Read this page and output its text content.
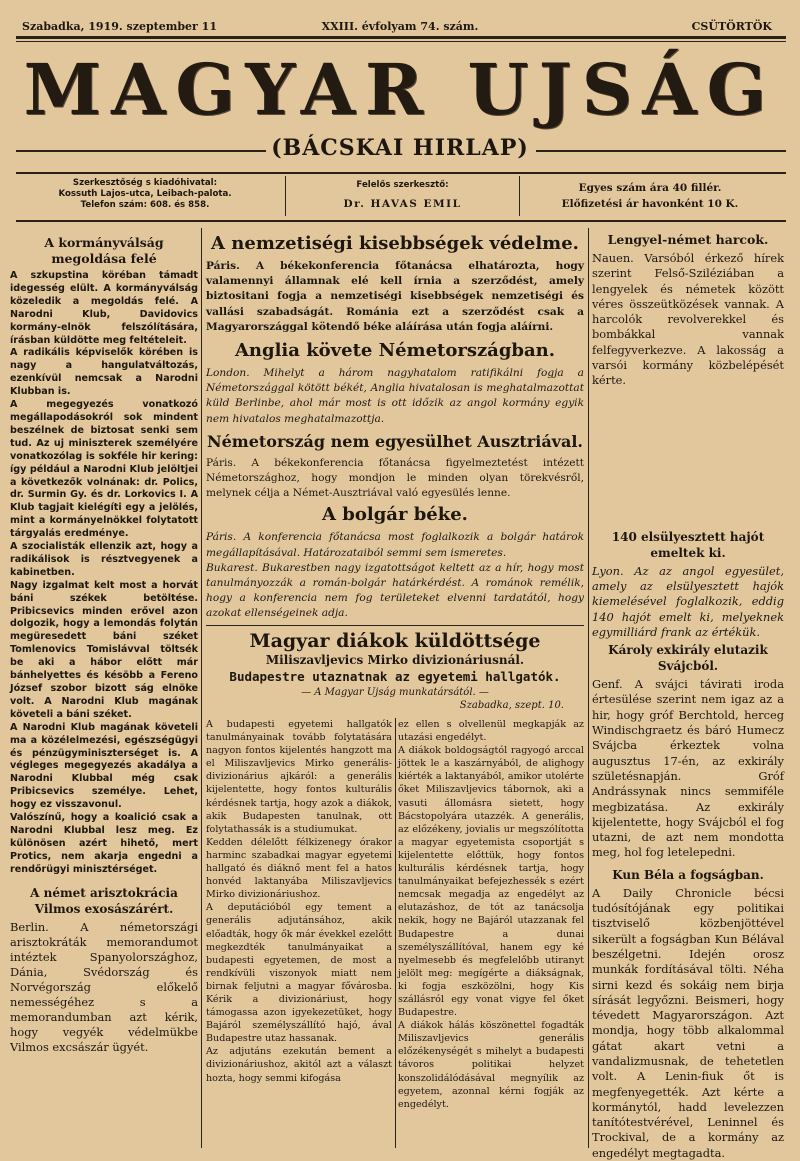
Szabadka, 1919. szeptember 11	XXIII. évfolyam 74. szám.	CSÜTÖRTÖK
MAGYAR UJSÁG
(BÁCSKAI HIRLAP)
Szerkesztőség s kiadóhivatal:
Kossuth Lajos-utca, Leibach-palota.
Telefon szám: 608. és 858.
Felelős szerkesztő:
Dr. HAVAS EMIL
Egyes szám ára 40 fillér.
Előfizetési ár havonként 10 K.
A kormányválság megoldása felé

A szkupstina köréban támadt idegesség elült. A kormányválság közeledik a megoldás felé. A Narodni Klub, Davidovics kormány-elnök felszólítására, írásban küldötte meg feltételeit.

A radikális képviselők körében is nagy a hangulatváltozás, ezenkívül nemcsak a Narodni Klubban is.

A megegyezés vonatkozó megállapodásokról sok mindent beszélnek de biztosat senki sem tud. Az uj miniszterek személyére vonatkozólag is sokféle hir kering: így például a Narodni Klub jelöltjei a következők volnának: dr. Polics, dr. Surmin Gy. és dr. Lorkovics I. A Klub tagjait kielégíti egy a jelölés, mint a kormányelnökkel folytatott tárgyalás eredménye.

A szocialisták ellenzik azt, hogy a radikálisok is résztvegyenek a kabinetben.

Nagy izgalmat kelt most a horvát báni székek betöltése. Pribicsevics minden erővel azon dolgozik, hogy a lemondás folytán megüresedett báni széket Tomlenovics Tomislávval töltsék be aki a hábor előtt már bánhelyettes és késöbb a Fereno József szobor bizott ság elnöke volt. A Narodni Klub magának követeli a báni széket.

A Narodni Klub magának követeli ma a közélelmezési, egészségügyi és pénzügyminiszterséget is. A végleges megegyezés akadálya a Narodni Klubbal még csak Pribicsevics személye. Lehet, hogy ez visszavonul.

Valószínű, hogy a koalició csak a Narodni Klubbal lesz meg. Ez különösen azért hihető, mert Protics, nem akarja engedni a rendőrügyi minisztérséget.

A német arisztokrácia Vilmos exosászárért.

Berlin. A németországi arisztokráták memorandumot intéztek Spanyolországhoz, Dánia, Svédország és Norvégország előkelő nemességéhez s a memorandumban azt kérik, hogy vegyék védelmükbe Vilmos excsászár ügyét.

A nemzetiségi kisebbségek védelme.

Páris. A békekonferencia főtanácsa elhatározta, hogy valamennyi államnak elé kell írnia a szerződést, amely biztositani fogja a nemzetiségi kisebbségek nemzetiségi és vallási szabadságát. Románia ezt a szerződést csak a Magyarországgal kötendő béke aláírása után fogja aláírni.

Anglia követe Németországban.

London. Mihelyt a három nagyhatalom ratifikálni fogja a Németországgal kötött békét, Anglia hivatalosan is meghatalmazottat küld Berlinbe, ahol már most is ott időzik az angol kormány egyik nem hivatalos meghatalmazottja.

Németország nem egyesülhet Ausztriával.

Páris. A békekonferencia főtanácsa figyelmeztetést intézett Németországhoz, hogy mondjon le minden olyan törekvésről, melynek célja a Német-Ausztriával való egyesülés lenne.

A bolgár béke.

Páris. A konferencia főtanácsa most foglalkozik a bolgár határok megállapításával. Határozataiból semmi sem ismeretes.

Bukarest. Bukarestben nagy izgatottságot keltett az a hír, hogy most tanulmányozzák a román-bolgár határkérdést. A románok remélik, hogy a konferencia nem fog területeket elvenni tardatától, hogy azokat ellenségeinek adja.

Magyar diákok küldöttsége
Miliszavljevics Mirko divizionáriusnál.
Budapestre utaznatnak az egyetemi hallgatók.
— A Magyar Ujság munkatársától. —
Szabadka, szept. 10.

A budapesti egyetemi hallgatók tanulmányainak tovább folytatására nagyon fontos kijelentés hangzott ma el Miliszavljevics Mirko generális-divizionárius ajkáról: a generális kijelentette, hogy fontos kulturális kérdésnek tartja, hogy azok a diákok, akik Budapesten tanulnak, ott folytathassák is a studiumukat.

Kedden délelőtt félkizenegy órakor harminc szabadkai magyar egyetemi hallgató és diáknő ment fel a hatos honvéd laktanyába Miliszavljevics Mirko divizionáriushoz.

A deputációból egy tement a generális adjutánsához, akik előadták, hogy ők már évekkel ezelőtt megkezdték tanulmányaikat a budapesti egyetemen, de most a rendkívüli viszonyok miatt nem birnak feljutni a magyar fővárosba. Kérik a divizionáriust, hogy támogassa azon igyekezetüket, hogy Bajáról személyszállító hajó, ával Budapestre utaz hassanak.

Az adjutáns ezekután bement a divizionáriushoz, akitól azt a választ hozta, hogy semmi kifogása

ez ellen s olvellenül megkapják az utazási engedélyt.

A diákok boldogságtól ragyogó arccal jöttek le a kaszárnyából, de alighogy kiérték a laktanyából, amikor utolérte őket Miliszavljevics tábornok, aki a vasuti állomásra sietett, hogy Bácstopolyára utazzék. A generális, az előzékeny, jovialis ur megszólította a magyar egyetemista csoportját s kijelentette előttük, hogy fontos kulturális kérdésnek tartja, hogy tanulmányaikat befejezhessék s ezért nemcsak megadja az engedélyt az elutazáshoz, de tót az tanácsolja nekik, hogy ne Bajáról utazzanak fel Budapestre a dunai személyszállítóval, hanem egy ké nyelmesebb és megfelelőbb utiranyt jelölt meg: megígérte a diákságnak, ki fogja eszközölni, hogy Kis szállásról egy vonat vigye fel őket Budapestre.

A diákok hálás köszönettel fogadták Miliszavljevics generális előzékenységét s mihelyt a budapesti távoros politikai helyzet konszolidálódásával megnyílik az egyetem, azonnal kérni fogják az engedélyt.

Lengyel-német harcok.

Nauen. Varsóból érkező hírek szerint Felső-Sziléziában a lengyelek és németek között véres összeütközések vannak. A harcolók revolverekkel és bombákkal vannak felfegyverkezve. A lakosság a varsói kormány közbelépését kérte.

140 elsülyesztett hajót emeltek ki.

Lyon. Az az angol egyesület, amely az elsülyesztett hajók kiemelésével foglalkozik, eddig 140 hajót emelt ki, melyeknek egymilliárd frank az értékük.

Károly exkirály elutazik Svájcból.

Genf. A svájci távirati iroda értesülése szerint nem igaz az a hir, hogy gróf Berchtold, herceg Windischgraetz és báró Humecz Svájcba érkeztek volna augusztus 17-én, az exkirály születésnapján. Gróf Andrássynak nincs semmiféle megbizatása. Az exkirály kijelentette, hogy Svájcból el fog utazni, de azt nem mondotta meg, hol fog letelepedni.

Kun Béla a fogságban.

A Daily Chronicle bécsi tudósítójának egy politikai tisztviselő közbenjöttével sikerült a fogságban Kun Bélával beszélgetni. Idején orosz munkák fordításával tölti. Néha sirni kezd és sokáig nem birja sírását legyőzni. Beismeri, hogy tévedett Magyarországon. Azt mondja, hogy több alkalommal gátat akart vetni a vandalizmusnak, de tehetetlen volt. A Lenin-fiuk őt is megfenyegették. Azt kérte a kormánytól, hadd levelezzen tanítótestvérével, Leninnel és Trockival, de a kormány az engedélyt megtagadta.
